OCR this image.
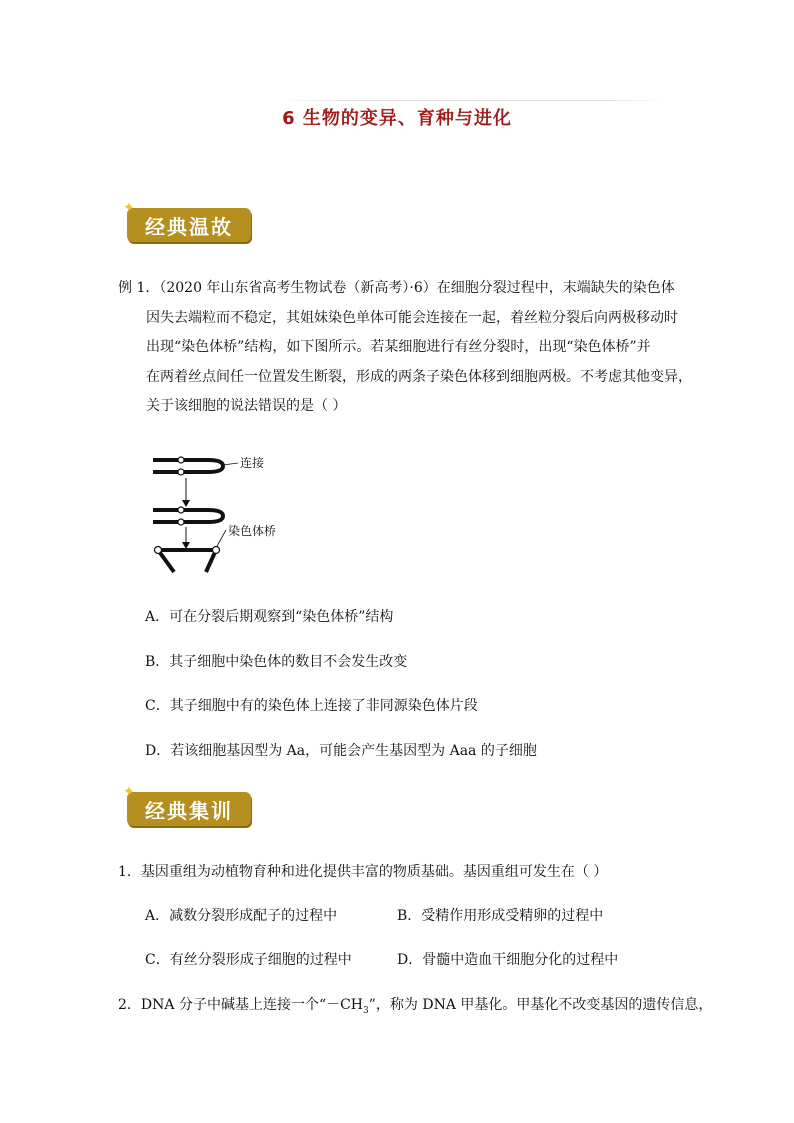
6 生物的变异、育种与进化
✦
经典温故
例 1．（2020 年山东省高考生物试卷（新高考）·6）在细胞分裂过程中，末端缺失的染色体
因失去端粒而不稳定，其姐妹染色单体可能会连接在一起，着丝粒分裂后向两极移动时
出现“染色体桥”结构，如下图所示。若某细胞进行有丝分裂时，出现“染色体桥”并
在两着丝点间任一位置发生断裂，形成的两条子染色体移到细胞两极。不考虑其他变异，
关于该细胞的说法错误的是（ ）
连接
染色体桥
A．可在分裂后期观察到“染色体桥”结构
B．其子细胞中染色体的数目不会发生改变
C．其子细胞中有的染色体上连接了非同源染色体片段
D．若该细胞基因型为 Aa，可能会产生基因型为 Aaa 的子细胞
✦
经典集训
1．基因重组为动植物育种和进化提供丰富的物质基础。基因重组可发生在（ ）
A．减数分裂形成配子的过程中	B．受精作用形成受精卵的过程中
C．有丝分裂形成子细胞的过程中	D．骨髓中造血干细胞分化的过程中
2．DNA 分子中碱基上连接一个“$-CH_3$”，称为 DNA 甲基化。甲基化不改变基因的遗传信息，
